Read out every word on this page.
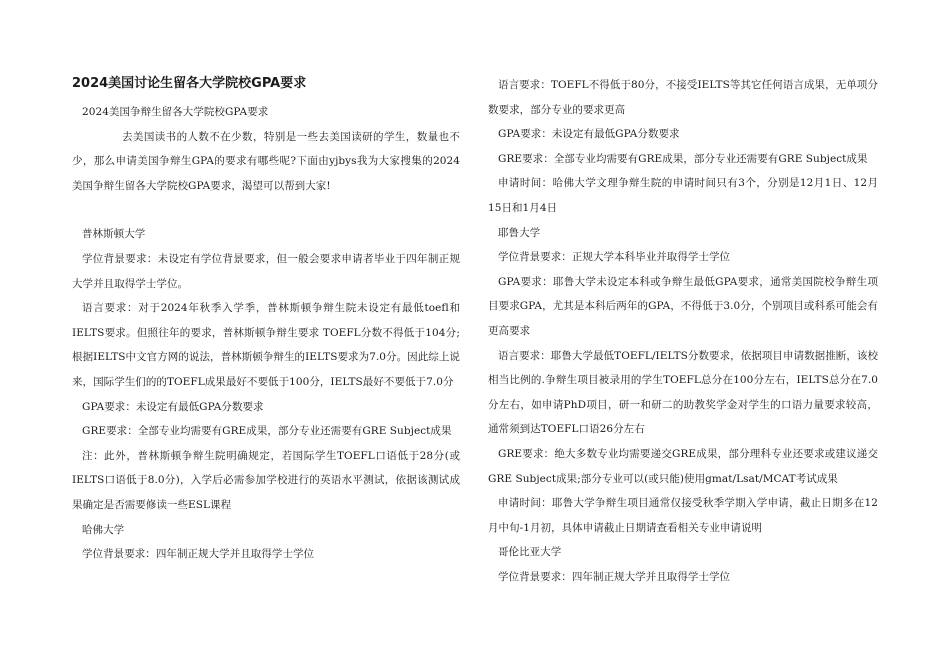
2024美国讨论生留各大学院校GPA要求

2024美国争辩生留各大学院校GPA要求

去美国读书的人数不在少数，特别是一些去美国读研的学生，数量也不少，那么申请美国争辩生GPA的要求有哪些呢?下面由yjbys我为大家搜集的2024美国争辩生留各大学院校GPA要求，渴望可以帮到大家!

普林斯顿大学

学位背景要求：未设定有学位背景要求，但一般会要求申请者毕业于四年制正规大学并且取得学士学位。

语言要求：对于2024年秋季入学季，普林斯顿争辩生院未设定有最低toefl和IELTS要求。但照往年的要求，普林斯顿争辩生要求 TOEFL分数不得低于104分;根据IELTS中文官方网的说法，普林斯顿争辩生的IELTS要求为7.0分。因此综上说来，国际学生们的的TOEFL成果最好不要低于100分，IELTS最好不要低于7.0分

GPA要求：未设定有最低GPA分数要求

GRE要求：全部专业均需要有GRE成果，部分专业还需要有GRE Subject成果

注：此外，普林斯顿争辩生院明确规定，若国际学生TOEFL口语低于28分(或IELTS口语低于8.0分)，入学后必需参加学校进行的英语水平测试，依据该测试成果确定是否需要修读一些ESL课程

哈佛大学

学位背景要求：四年制正规大学并且取得学士学位

语言要求：TOEFL不得低于80分，不接受IELTS等其它任何语言成果，无单项分数要求，部分专业的要求更高

GPA要求：未设定有最低GPA分数要求

GRE要求：全部专业均需要有GRE成果，部分专业还需要有GRE Subject成果

申请时间：哈佛大学文理争辩生院的申请时间只有3个，分别是12月1日、12月15日和1月4日

耶鲁大学

学位背景要求：正规大学本科毕业并取得学士学位

GPA要求：耶鲁大学未设定本科或争辩生最低GPA要求，通常美国院校争辩生项目要求GPA，尤其是本科后两年的GPA，不得低于3.0分，个别项目或科系可能会有更高要求

语言要求：耶鲁大学最低TOEFL/IELTS分数要求，依据项目申请数据推断，该校相当比例的.争辩生项目被录用的学生TOEFL总分在100分左右，IELTS总分在7.0分左右，如申请PhD项目，研一和研二的助教奖学金对学生的口语力量要求较高，通常须到达TOEFL口语26分左右

GRE要求：绝大多数专业均需要递交GRE成果，部分理科专业还要求或建议递交GRE Subject成果;部分专业可以(或只能)使用gmat/Lsat/MCAT考试成果

申请时间：耶鲁大学争辩生项目通常仅接受秋季学期入学申请，截止日期多在12月中旬-1月初，具体申请截止日期请查看相关专业申请说明

哥伦比亚大学

学位背景要求：四年制正规大学并且取得学士学位
